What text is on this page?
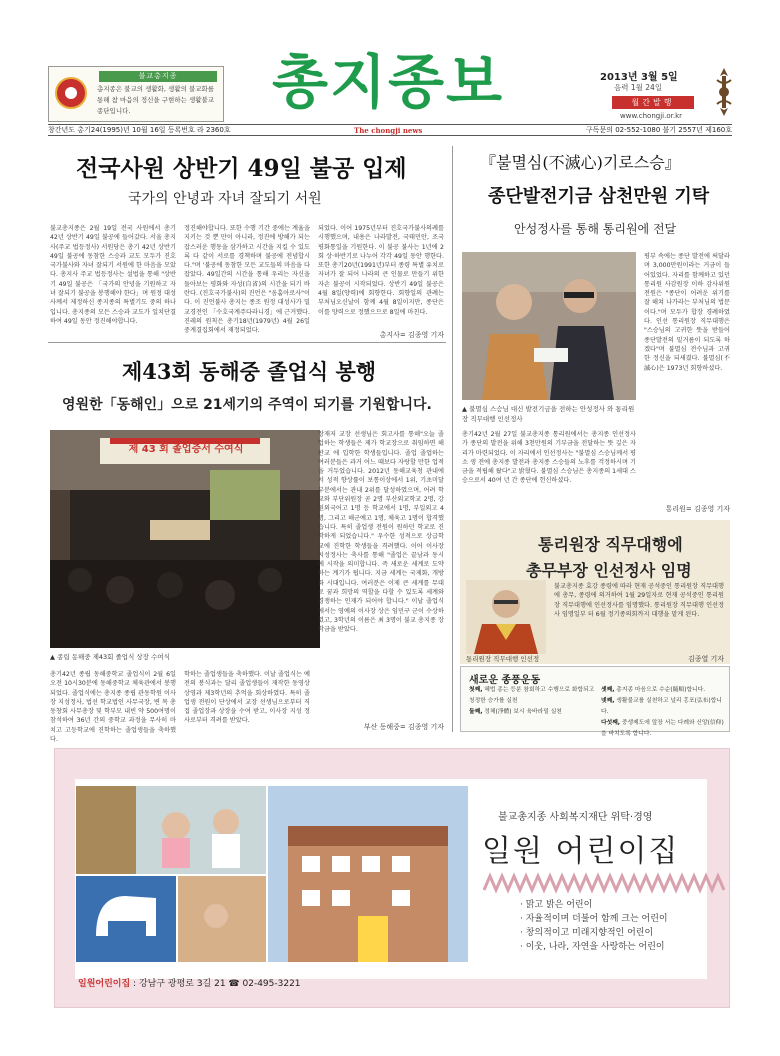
불교총지종
총지종은 불교의 생활화, 생활의 불교화를 통해 참 마음의 정신을 구현하는 생활불교 종단입니다.	총지종보	2013년 3월 5일
음력 1월 24일
월간발행
www.chongji.or.kr
창간년도 총기24(1995)년 10월 16일 등록번호 라 2360호	The chongji news	구독문의 02-552-1080 불기 2557년 제160호
전국사원 상반기 49일 불공 입제
국가의 안녕과 자녀 잘되기 서원
불교총지종은 2월 19일 전국 사원에서 총기 42년 상반기 49일 불공에 들어갔다. 서울 총지사(주교 법등정사) 서원당은 총기 42년 상반기 49일 불공에 동참한 스승과 교도 모두가 진호국가불사와 자녀 잘되기 서원에 한 마음을 모았다. 총지사 주교 법등정사는 설법을 통해 "상반기 49일 불공은 「국가의 안녕을 기원하고 자녀 잘되기 불공을 봉행해야 한다」며 원정 대성사께서 제정하신 종지종의 특별기도 중의 하나입니다. 총지종의 모든 스승과 교도가 일치단결하여 49일 동안 정진해야합니다.
정진해야합니다. 또한 수행 기간 중에는 계율을 지키는 것 뿐 만이 아니라, 정진에 방해가 되는 잡스러운 행동을 삼가하고 시간을 지킬 수 있도록 다 같이 서로를 경책하며 불공에 전념합시다."며 '불공에 동참한 모든 교도들의 마음을 다잡았다. 49일간의 시간을 통해 우리는 자신을 돌아보는 평화와 자성(自省)의 시간을 되기 바란다. (진호국가불사)의 진언은 "옴훔아로사"이다. 이 진언불사 총지는 종조 원정 대성사가 밀교경전인 「수호국계주다라니경」에 근거했다. 진레의 원칙은 총기18년(1979년) 4월 26일 중계결집회에서 재정되었다.
되었다. 이어 1975년부터 진호국가불사의례를 시행했으며, 내용은 나라발전, 국태민안, 조국평화통일을 기원한다. 이 불공 불사는 1년에 2회 상·하반기로 나누어 각각 49일 동안 행한다. 또한 총기20년(1991년)부터 종령 특별 유치로 자녀가 잘 되어 나라의 큰 인물로 만들기 위한 자손 불공이 시작되었다. 상반기 49일 불공은 4월 8일(양력)에 회향한다. 회향일의 관례는 부처님오신날이 함께 4월 8일이지만, 종단은 이를 양력으로 정했으므로 8일에 마친다.
총지사= 김종영 기자
제43회 동해중 졸업식 봉행
영원한「동해인」으로 21세기의 주역이 되기를 기원합니다.
제 43 회 졸업증서 수여식
▲ 종립 동해중 제43회 졸업식 상장 수여식
총기42년 종립 동해중학교 졸업식이 2월 6일 오전 10시30분에 동해중학교 체육관에서 봉행되었다. 졸업식에는 총지종 종립 관동학원 이사장 지성정사, 법선 학교법인 사무국장, 변 목 총동창회 사무총장 및 학부모 내빈 약 500여명이 참석하여 36년 간의 중학교 과정을 무사히 마치고 고등학교에 진학하는 졸업생들을 축하했다.
학하는 졸업생들을 축하했다. 이날 졸업식는 예전의 봉식과는 달리 졸업생들이 재작한 동영상 상영과 제3학년의 추억을 회상하였다. 특히 졸업생 전원이 단상에서 교장 선생님으로부터 직접 졸업장과 상장을 수여 받고, 이사장 지성 정사로부터 격려를 받았다.
장재저 교장 선생님은 회고사를 통해"오늘 졸업하는 학생들은 제가 학교장으로 취임하면 해 판교 에 입학한 학생들입니다. 졸업 졸업하는 여러분들은 과거 어느 때보다 자랑할 만한 업적을 거두었습니다. 2012년 동해교육청 관내에서 성적 향상률이 보통이상에서 1위, 기초미달 부분에서는 관내 2위를 달성하였으며, 어려 학교와 부단위원장 곧 2명 부산외교학교 2명, 강원외국어고 1명 등 학교에서 1명, 부일외고 4명, 그리고 해군예고 1명, 체육고 1명이 합격했습니다. 특히 졸업생 전원이 원하던 학교로 진학하게 되었습니다." 우수한 성적으로 상급학교에 진학한 학생들을 격려했다. 이어 이사장 지성정사는 축사를 통해 "졸업은 끝남과 동시에 시작을 의미합니다. 즉 새로운 세계로 도약하는 계기가 됩니다. 지금 세계는 국제화, 개방화 시대입니다. 여러분은 이제 큰 세계를 무대로 꿈과 희망의 역할을 다할 수 있도록 세계와 경쟁하는 인재가 되어야 합니다." 이날 졸업식에서는 영예의 이사장 상은 임민구 군이 수상하였고, 3학년의 이름은 최 3명이 불교 총지종 장학금을 받았다.
부산 동해중= 김종영 기자
『불멸심(不滅心)기로스승』
종단발전기금 삼천만원 기탁
안성정사를 통해 통리원에 전달
▲ 불멸심 스승님 대신 발전기금을 전하는 안성정사 와 통리원장 직무대행 인선정사
총기42년 2월 27일 불교총지종 통리원에서는 총지종 인선정사가 종단의 발전을 위해 3천만원의 기부금을 전달하는 뜻 깊은 자리가 마련되었다. 이 자리에서 인선정사는 "불멸심 스승님께서 평소 생 전에 총지종 발전과 총지종 스승들의 노후를 걱정하시며 기금을 적립해 왔다"고 밝혔다. 불멸심 스승님은 총지종의 1세대 스승으로서 40여 년 간 종단에 헌신하셨다.
평부 속에는 종단 발전에 써달라며 3,000만원이라는 거금이 들어있었다. 자리를 함께하고 있던 통리원 사감원장 이하 감사위원 전원은 "종단이 어려운 위기를 잘 해쳐 나가라는 부처님의 법문이다."며 모두가 합장 경례하였다. 인선 통리원장 직무대행은 "스승님의 고귀한 뜻을 받들어 종단발전의 밑거름이 되도록 하겠다"며 불멸심 전수님과 고귀한 정신을 되새겼다. 불멸심(不滅心)은 1973년 회향하셨다.
통리원= 김종영 기자
통리원장 직무대행에
총무부장 인선정사 임명
불교총지종 효강 종령에 따라 현재 공석중인 통리원장 직무대행에 총무, 종령에 의거하여 1월 29일자로 현재 공석중인 통리원장 직무대행에 인선정사를 임명했다. 통리원장 직무대행 인선정사 임명일부 터 6월 정기종의회까지 대행을 맡게 된다.
통리원장 직무대행 인선정	김종열 기자
새로운 종풍운동
첫째, 혜법 종는 등분 참회하고 수행으로 화합되고 청정한 승가를 실천
둘째, 정체(淨體) 보시 육바라밀 실천
셋째, 총지종 마음으로 수순(隨順)합니다.
넷째, 생활불교를 실천하고 널리 홍포(弘布)합니다.
다섯째, 중생제도에 앞장 서는 다례와 신앙(信仰)을 바치도록 합니다.
불교총지종 사회복지재단 위탁·경영
일원 어린이집
· 맑고 밝은 어린이
· 자율적이며 더불어 함께 크는 어린이
· 창의적이고 미래지향적인 어린이
· 이웃, 나라, 자연을 사랑하는 어린이
일원어린이집 : 강남구 광평로 3길 21 ☎ 02-495-3221
